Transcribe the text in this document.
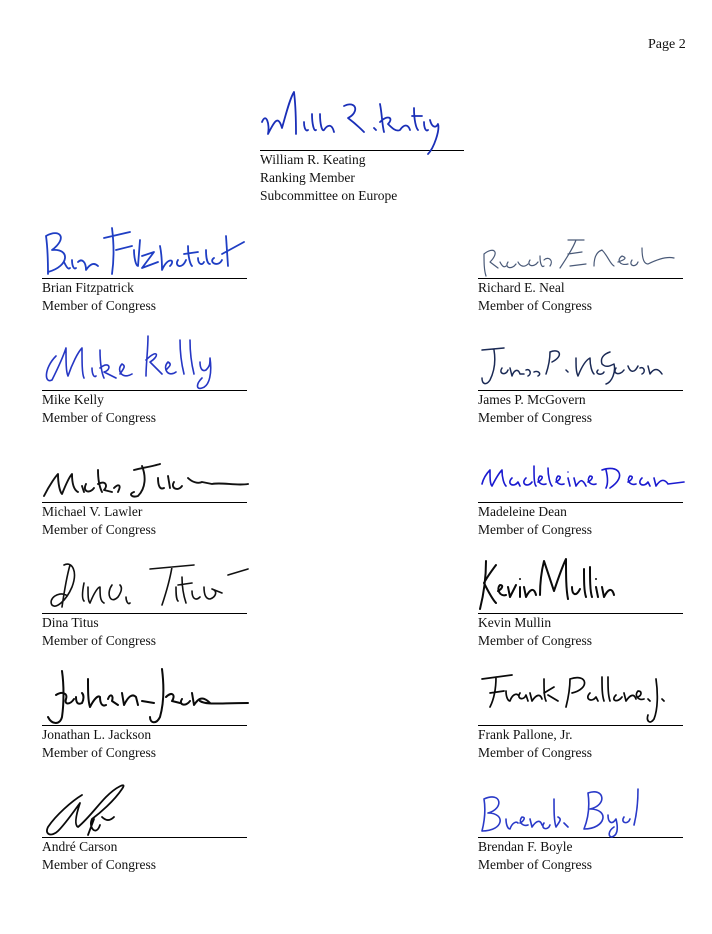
Page 2
William R. Keating
Ranking Member
Subcommittee on Europe
Brian Fitzpatrick
Member of Congress
Mike Kelly
Member of Congress
Michael V. Lawler
Member of Congress
Dina Titus
Member of Congress
Jonathan L. Jackson
Member of Congress
André Carson
Member of Congress
Richard E. Neal
Member of Congress
James P. McGovern
Member of Congress
Madeleine Dean
Member of Congress
Kevin Mullin
Member of Congress
Frank Pallone, Jr.
Member of Congress
Brendan F. Boyle
Member of Congress
